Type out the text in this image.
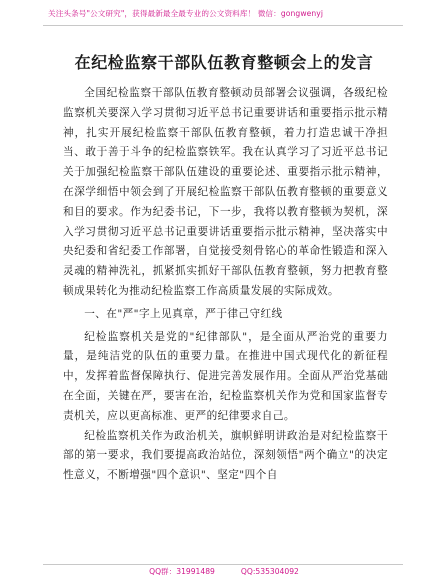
关注头条号"公文研究"，获得最新最全最专业的公文资料库！ 微信：gongwenyj
在纪检监察干部队伍教育整顿会上的发言

全国纪检监察干部队伍教育整顿动员部署会议强调，各级纪检监察机关要深入学习贯彻习近平总书记重要讲话和重要指示批示精神，扎实开展纪检监察干部队伍教育整顿，着力打造忠诚干净担当、敢于善于斗争的纪检监察铁军。我在认真学习了习近平总书记关于加强纪检监察干部队伍建设的重要论述、重要指示批示精神，在深学细悟中领会到了开展纪检监察干部队伍教育整顿的重要意义和目的要求。作为纪委书记，下一步，我将以教育整顿为契机，深入学习贯彻习近平总书记重要讲话重要指示批示精神，坚决落实中央纪委和省纪委工作部署，自觉接受刻骨铭心的革命性锻造和深入灵魂的精神洗礼，抓紧抓实抓好干部队伍教育整顿，努力把教育整顿成果转化为推动纪检监察工作高质量发展的实际成效。

一、在"严"字上见真章，严于律己守红线

纪检监察机关是党的"纪律部队"，是全面从严治党的重要力量，是纯洁党的队伍的重要力量。在推进中国式现代化的新征程中，发挥着监督保障执行、促进完善发展作用。全面从严治党基础在全面，关键在严，要害在治，纪检监察机关作为党和国家监督专责机关，应以更高标准、更严的纪律要求自己。

纪检监察机关作为政治机关，旗帜鲜明讲政治是对纪检监察干部的第一要求，我们要提高政治站位，深刻领悟"两个确立"的决定性意义，不断增强"四个意识"、坚定"四个自

QQ群：31991489	QQ:535304092
